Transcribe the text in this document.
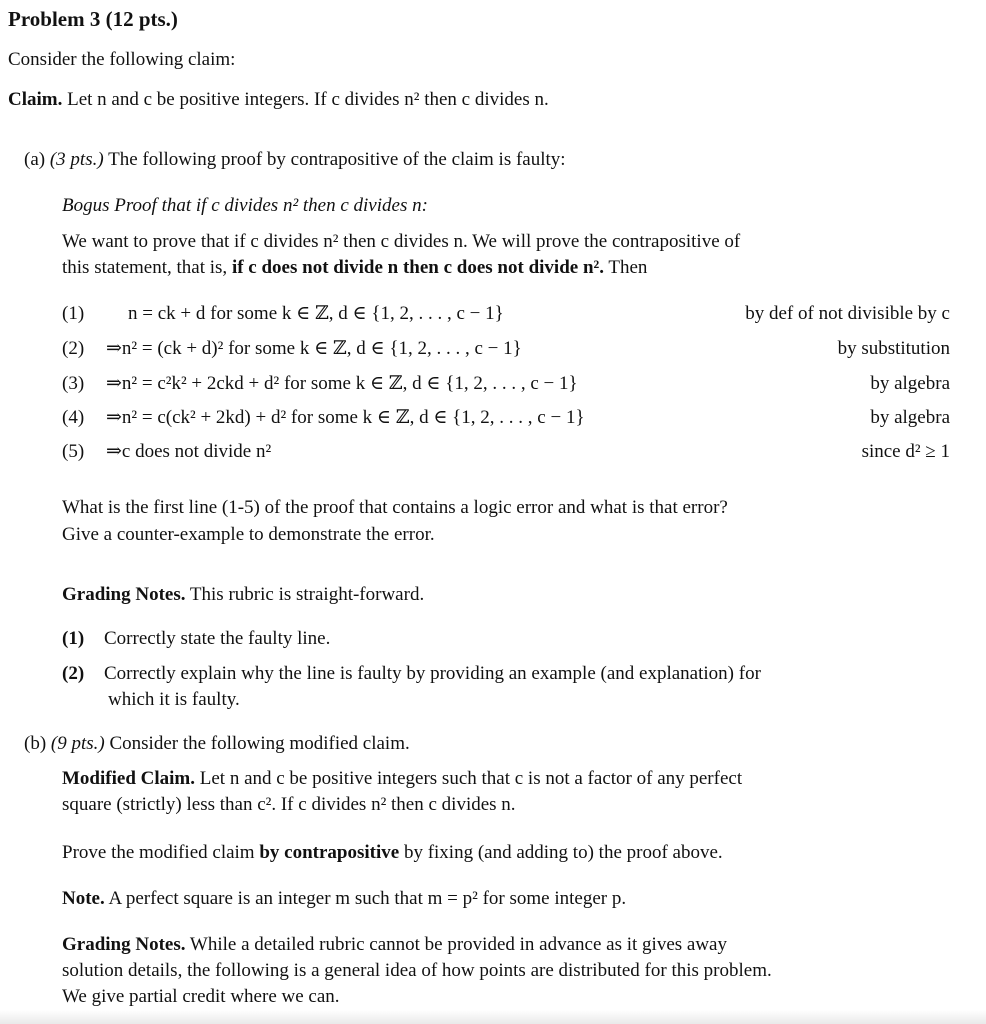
Problem 3 (12 pts.)
Consider the following claim:
Claim. Let n and c be positive integers. If c divides n² then c divides n.
(a) (3 pts.) The following proof by contrapositive of the claim is faulty:
Bogus Proof that if c divides n² then c divides n:
We want to prove that if c divides n² then c divides n. We will prove the contrapositive of
this statement, that is, if c does not divide n then c does not divide n². Then
(1)	n = ck + d for some k ∈ ℤ, d ∈ {1, 2, . . . , c − 1}	by def of not divisible by c
(2)	⇒n² = (ck + d)² for some k ∈ ℤ, d ∈ {1, 2, . . . , c − 1}	by substitution
(3)	⇒n² = c²k² + 2ckd + d² for some k ∈ ℤ, d ∈ {1, 2, . . . , c − 1}	by algebra
(4)	⇒n² = c(ck² + 2kd) + d² for some k ∈ ℤ, d ∈ {1, 2, . . . , c − 1}	by algebra
(5)	⇒c does not divide n²	since d² ≥ 1
What is the first line (1-5) of the proof that contains a logic error and what is that error?
Give a counter-example to demonstrate the error.
Grading Notes. This rubric is straight-forward.
(1) Correctly state the faulty line.
(2) Correctly explain why the line is faulty by providing an example (and explanation) for
which it is faulty.
(b) (9 pts.) Consider the following modified claim.
Modified Claim. Let n and c be positive integers such that c is not a factor of any perfect
square (strictly) less than c². If c divides n² then c divides n.
Prove the modified claim by contrapositive by fixing (and adding to) the proof above.
Note. A perfect square is an integer m such that m = p² for some integer p.
Grading Notes. While a detailed rubric cannot be provided in advance as it gives away
solution details, the following is a general idea of how points are distributed for this problem.
We give partial credit where we can.
